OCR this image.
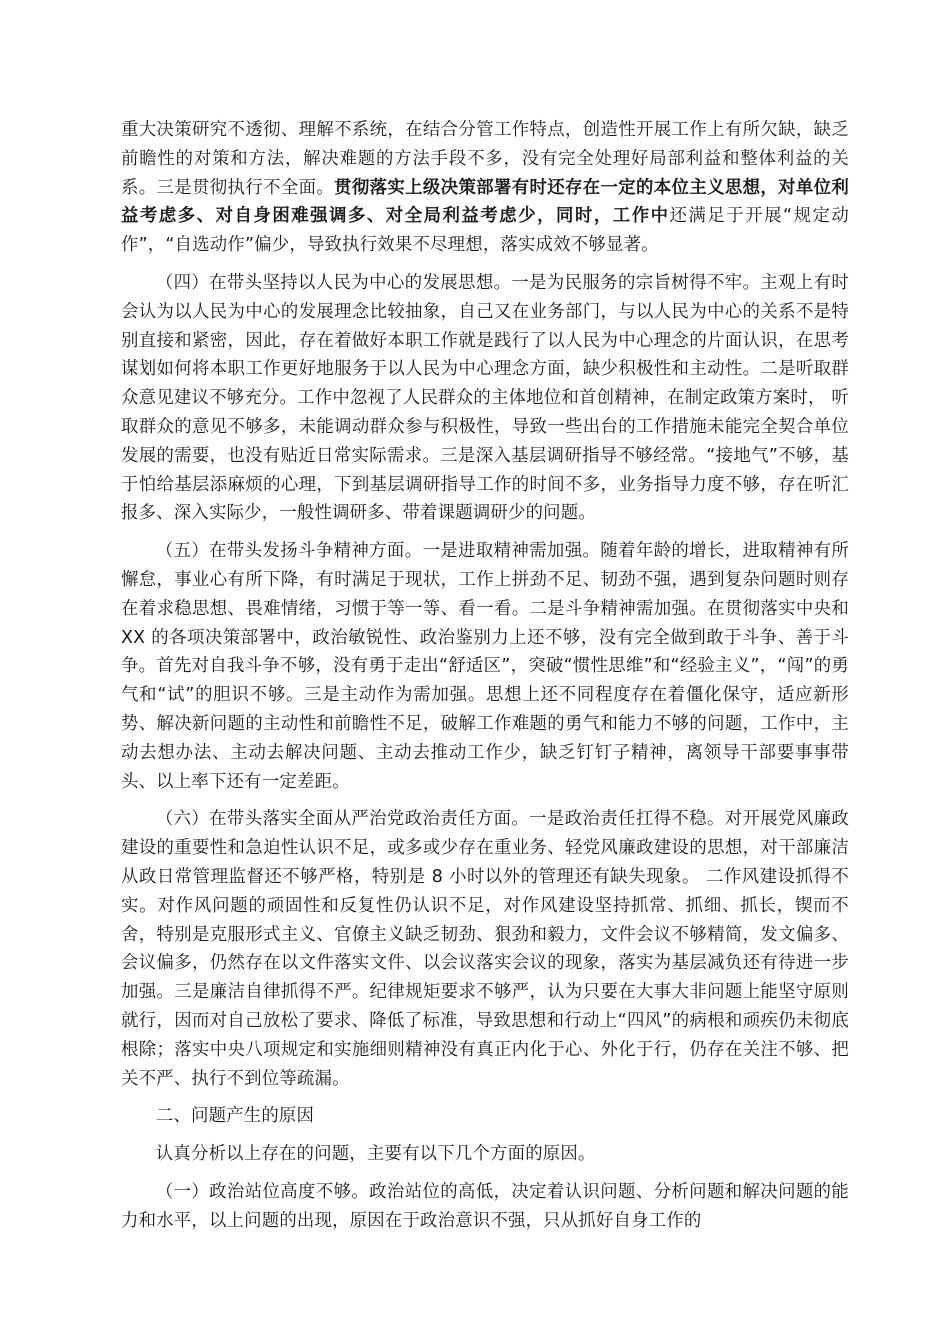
重大决策研究不透彻、理解不系统，在结合分管工作特点，创造性开展工作上有所欠缺，缺乏前瞻性的对策和方法，解决难题的方法手段不多，没有完全处理好局部利益和整体利益的关系。三是贯彻执行不全面。贯彻落实上级决策部署有时还存在一定的本位主义思想，对单位利益考虑多、对自身困难强调多、对全局利益考虑少，同时，工作中还满足于开展“规定动作”，“自选动作”偏少，导致执行效果不尽理想，落实成效不够显著。

（四）在带头坚持以人民为中心的发展思想。一是为民服务的宗旨树得不牢。主观上有时会认为以人民为中心的发展理念比较抽象，自己又在业务部门，与以人民为中心的关系不是特别直接和紧密，因此，存在着做好本职工作就是践行了以人民为中心理念的片面认识，在思考谋划如何将本职工作更好地服务于以人民为中心理念方面，缺少积极性和主动性。二是听取群众意见建议不够充分。工作中忽视了人民群众的主体地位和首创精神，在制定政策方案时， 听取群众的意见不够多，未能调动群众参与积极性，导致一些出台的工作措施未能完全契合单位发展的需要，也没有贴近日常实际需求。三是深入基层调研指导不够经常。“接地气”不够，基于怕给基层添麻烦的心理，下到基层调研指导工作的时间不多，业务指导力度不够，存在听汇报多、深入实际少，一般性调研多、带着课题调研少的问题。

（五）在带头发扬斗争精神方面。一是进取精神需加强。随着年龄的增长，进取精神有所懈怠，事业心有所下降，有时满足于现状，工作上拼劲不足、韧劲不强，遇到复杂问题时则存在着求稳思想、畏难情绪，习惯于等一等、看一看。二是斗争精神需加强。在贯彻落实中央和 XX 的各项决策部署中，政治敏锐性、政治鉴别力上还不够，没有完全做到敢于斗争、善于斗争。首先对自我斗争不够，没有勇于走出“舒适区”，突破“惯性思维”和“经验主义”，“闯”的勇气和“试”的胆识不够。三是主动作为需加强。思想上还不同程度存在着僵化保守，适应新形势、解决新问题的主动性和前瞻性不足，破解工作难题的勇气和能力不够的问题，工作中，主动去想办法、主动去解决问题、主动去推动工作少，缺乏钉钉子精神，离领导干部要事事带头、以上率下还有一定差距。

（六）在带头落实全面从严治党政治责任方面。一是政治责任扛得不稳。对开展党风廉政建设的重要性和急迫性认识不足，或多或少存在重业务、轻党风廉政建设的思想，对干部廉洁从政日常管理监督还不够严格，特别是 8 小时以外的管理还有缺失现象。 二作风建设抓得不实。对作风问题的顽固性和反复性仍认识不足，对作风建设坚持抓常、抓细、抓长，锲而不舍，特别是克服形式主义、官僚主义缺乏韧劲、狠劲和毅力，文件会议不够精简，发文偏多、会议偏多，仍然存在以文件落实文件、以会议落实会议的现象，落实为基层减负还有待进一步加强。三是廉洁自律抓得不严。纪律规矩要求不够严，认为只要在大事大非问题上能坚守原则就行，因而对自己放松了要求、降低了标准，导致思想和行动上“四风”的病根和顽疾仍未彻底根除；落实中央八项规定和实施细则精神没有真正内化于心、外化于行，仍存在关注不够、把关不严、执行不到位等疏漏。

二、问题产生的原因

认真分析以上存在的问题，主要有以下几个方面的原因。

（一）政治站位高度不够。政治站位的高低，决定着认识问题、分析问题和解决问题的能力和水平，以上问题的出现，原因在于政治意识不强，只从抓好自身工作的
